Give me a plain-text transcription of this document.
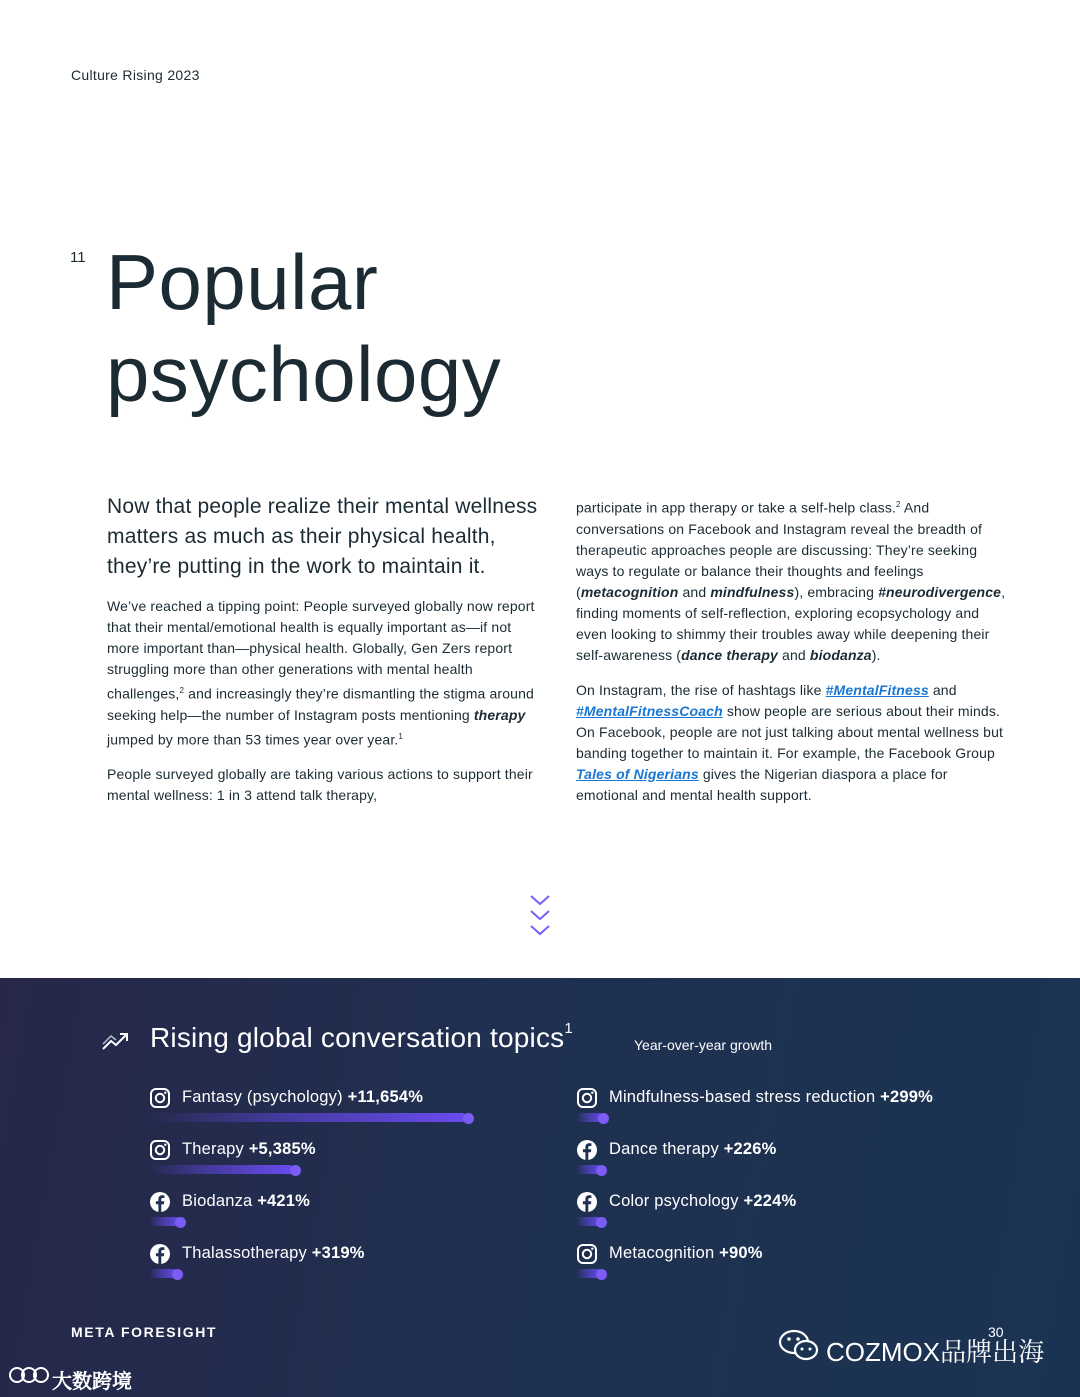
Culture Rising 2023
11 Popular psychology

Now that people realize their mental wellness matters as much as their physical health, they’re putting in the work to maintain it.

We’ve reached a tipping point: People surveyed globally now report that their mental/emotional health is equally important as—if not more important than—physical health. Globally, Gen Zers report struggling more than other generations with mental health challenges,$^2$ and increasingly they’re dismantling the stigma around seeking help—the number of Instagram posts mentioning therapy jumped by more than 53 times year over year.$^1$

People surveyed globally are taking various actions to support their mental wellness: 1 in 3 attend talk therapy,

participate in app therapy or take a self-help class.$^2$ And conversations on Facebook and Instagram reveal the breadth of therapeutic approaches people are discussing: They’re seeking ways to regulate or balance their thoughts and feelings (metacognition and mindfulness), embracing #neurodivergence, finding moments of self-reflection, exploring ecopsychology and even looking to shimmy their troubles away while deepening their self-awareness (dance therapy and biodanza).

On Instagram, the rise of hashtags like #MentalFitness and #MentalFitnessCoach show people are serious about their minds. On Facebook, people are not just talking about mental wellness but banding together to maintain it. For example, the Facebook Group Tales of Nigerians gives the Nigerian diaspora a place for emotional and mental health support.

Rising global conversation topics$^1$
Year-over-year growth
Fantasy (psychology) +11,654%
Therapy +5,385%
Biodanza +421%
Thalassotherapy +319%
Mindfulness-based stress reduction +299%
Dance therapy +226%
Color psychology +224%
Metacognition +90%
META FORESIGHT	30
COZMOX品牌出海
大数跨境
